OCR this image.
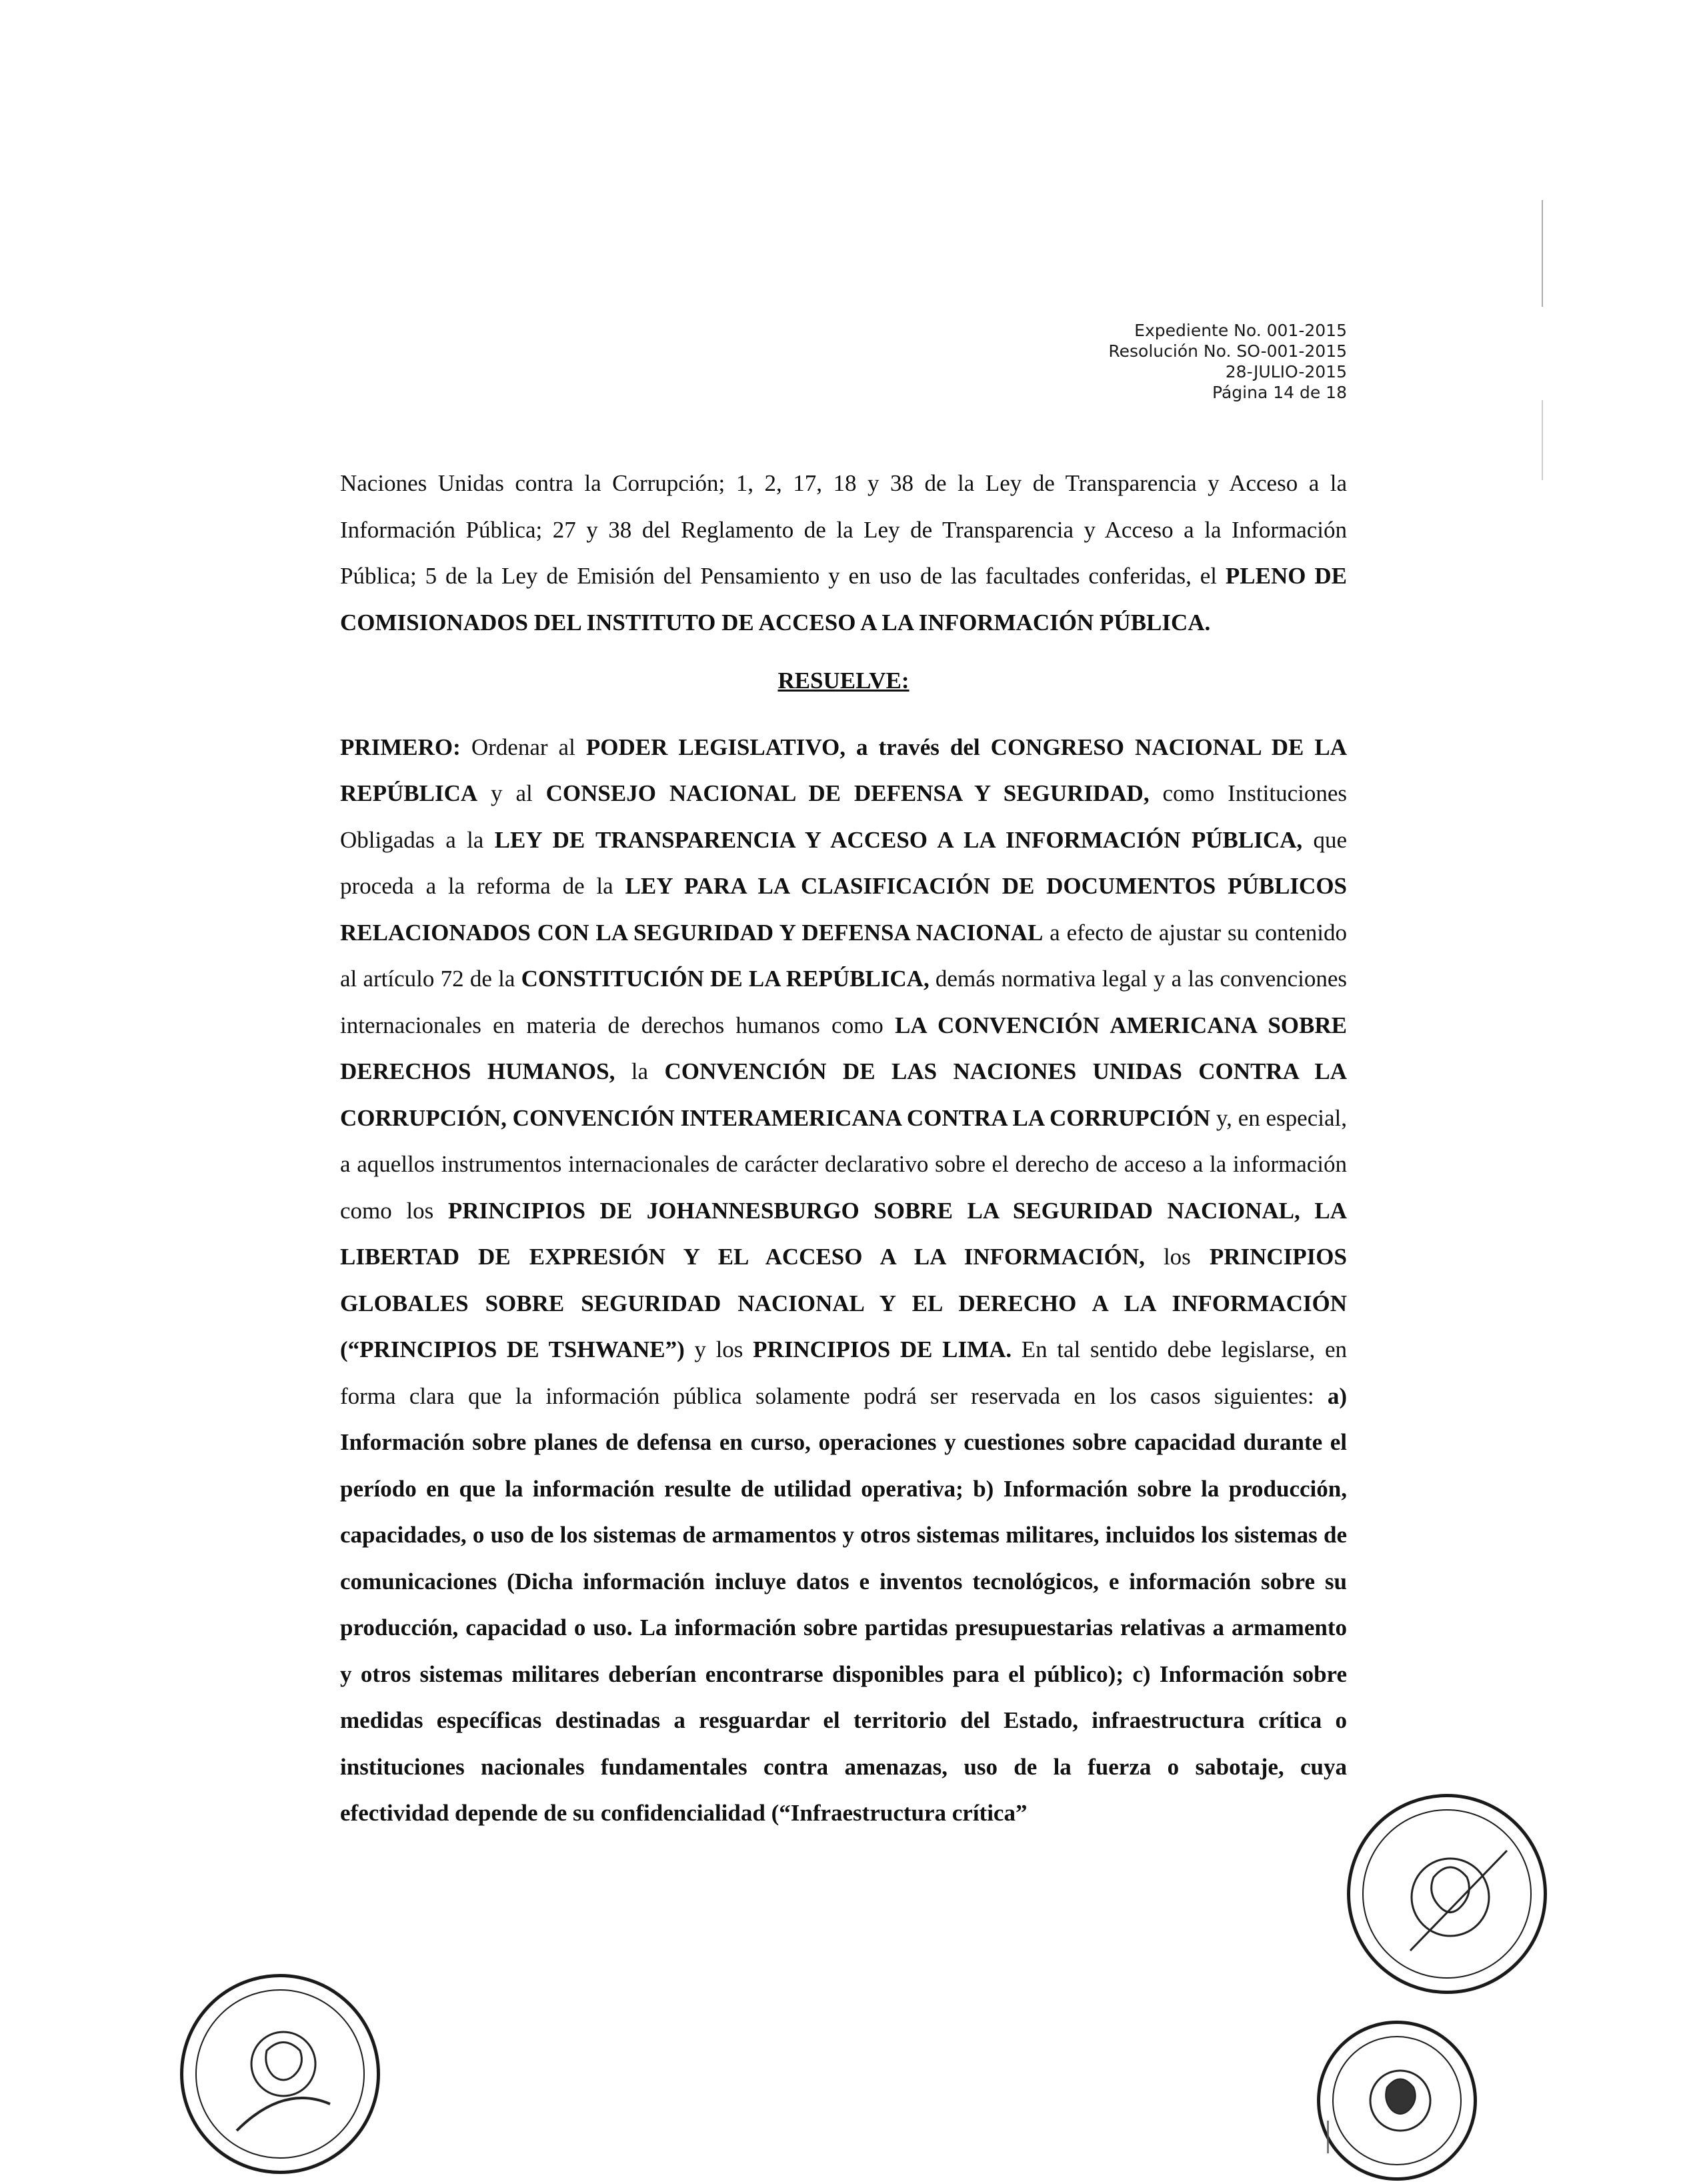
Expediente No. 001-2015
Resolución No. SO-001-2015
28-JULIO-2015
Página 14 de 18

Naciones Unidas contra la Corrupción; 1, 2, 17, 18 y 38 de la Ley de Transparencia y Acceso a la Información Pública; 27 y 38 del Reglamento de la Ley de Transparencia y Acceso a la Información Pública; 5 de la Ley de Emisión del Pensamiento y en uso de las facultades conferidas, el PLENO DE COMISIONADOS DEL INSTITUTO DE ACCESO A LA INFORMACIÓN PÚBLICA.

RESUELVE:

PRIMERO: Ordenar al PODER LEGISLATIVO, a través del CONGRESO NACIONAL DE LA REPÚBLICA y al CONSEJO NACIONAL DE DEFENSA Y SEGURIDAD, como Instituciones Obligadas a la LEY DE TRANSPARENCIA Y ACCESO A LA INFORMACIÓN PÚBLICA, que proceda a la reforma de la LEY PARA LA CLASIFICACIÓN DE DOCUMENTOS PÚBLICOS RELACIONADOS CON LA SEGURIDAD Y DEFENSA NACIONAL a efecto de ajustar su contenido al artículo 72 de la CONSTITUCIÓN DE LA REPÚBLICA, demás normativa legal y a las convenciones internacionales en materia de derechos humanos como LA CONVENCIÓN AMERICANA SOBRE DERECHOS HUMANOS, la CONVENCIÓN DE LAS NACIONES UNIDAS CONTRA LA CORRUPCIÓN, CONVENCIÓN INTERAMERICANA CONTRA LA CORRUPCIÓN y, en especial, a aquellos instrumentos internacionales de carácter declarativo sobre el derecho de acceso a la información como los PRINCIPIOS DE JOHANNESBURGO SOBRE LA SEGURIDAD NACIONAL, LA LIBERTAD DE EXPRESIÓN Y EL ACCESO A LA INFORMACIÓN, los PRINCIPIOS GLOBALES SOBRE SEGURIDAD NACIONAL Y EL DERECHO A LA INFORMACIÓN (“PRINCIPIOS DE TSHWANE”) y los PRINCIPIOS DE LIMA. En tal sentido debe legislarse, en forma clara que la información pública solamente podrá ser reservada en los casos siguientes: a) Información sobre planes de defensa en curso, operaciones y cuestiones sobre capacidad durante el período en que la información resulte de utilidad operativa; b) Información sobre la producción, capacidades, o uso de los sistemas de armamentos y otros sistemas militares, incluidos los sistemas de comunicaciones (Dicha información incluye datos e inventos tecnológicos, e información sobre su producción, capacidad o uso. La información sobre partidas presupuestarias relativas a armamento y otros sistemas militares deberían encontrarse disponibles para el público); c) Información sobre medidas específicas destinadas a resguardar el territorio del Estado, infraestructura crítica o instituciones nacionales fundamentales contra amenazas, uso de la fuerza o sabotaje, cuya efectividad depende de su confidencialidad (“Infraestructura crítica”
